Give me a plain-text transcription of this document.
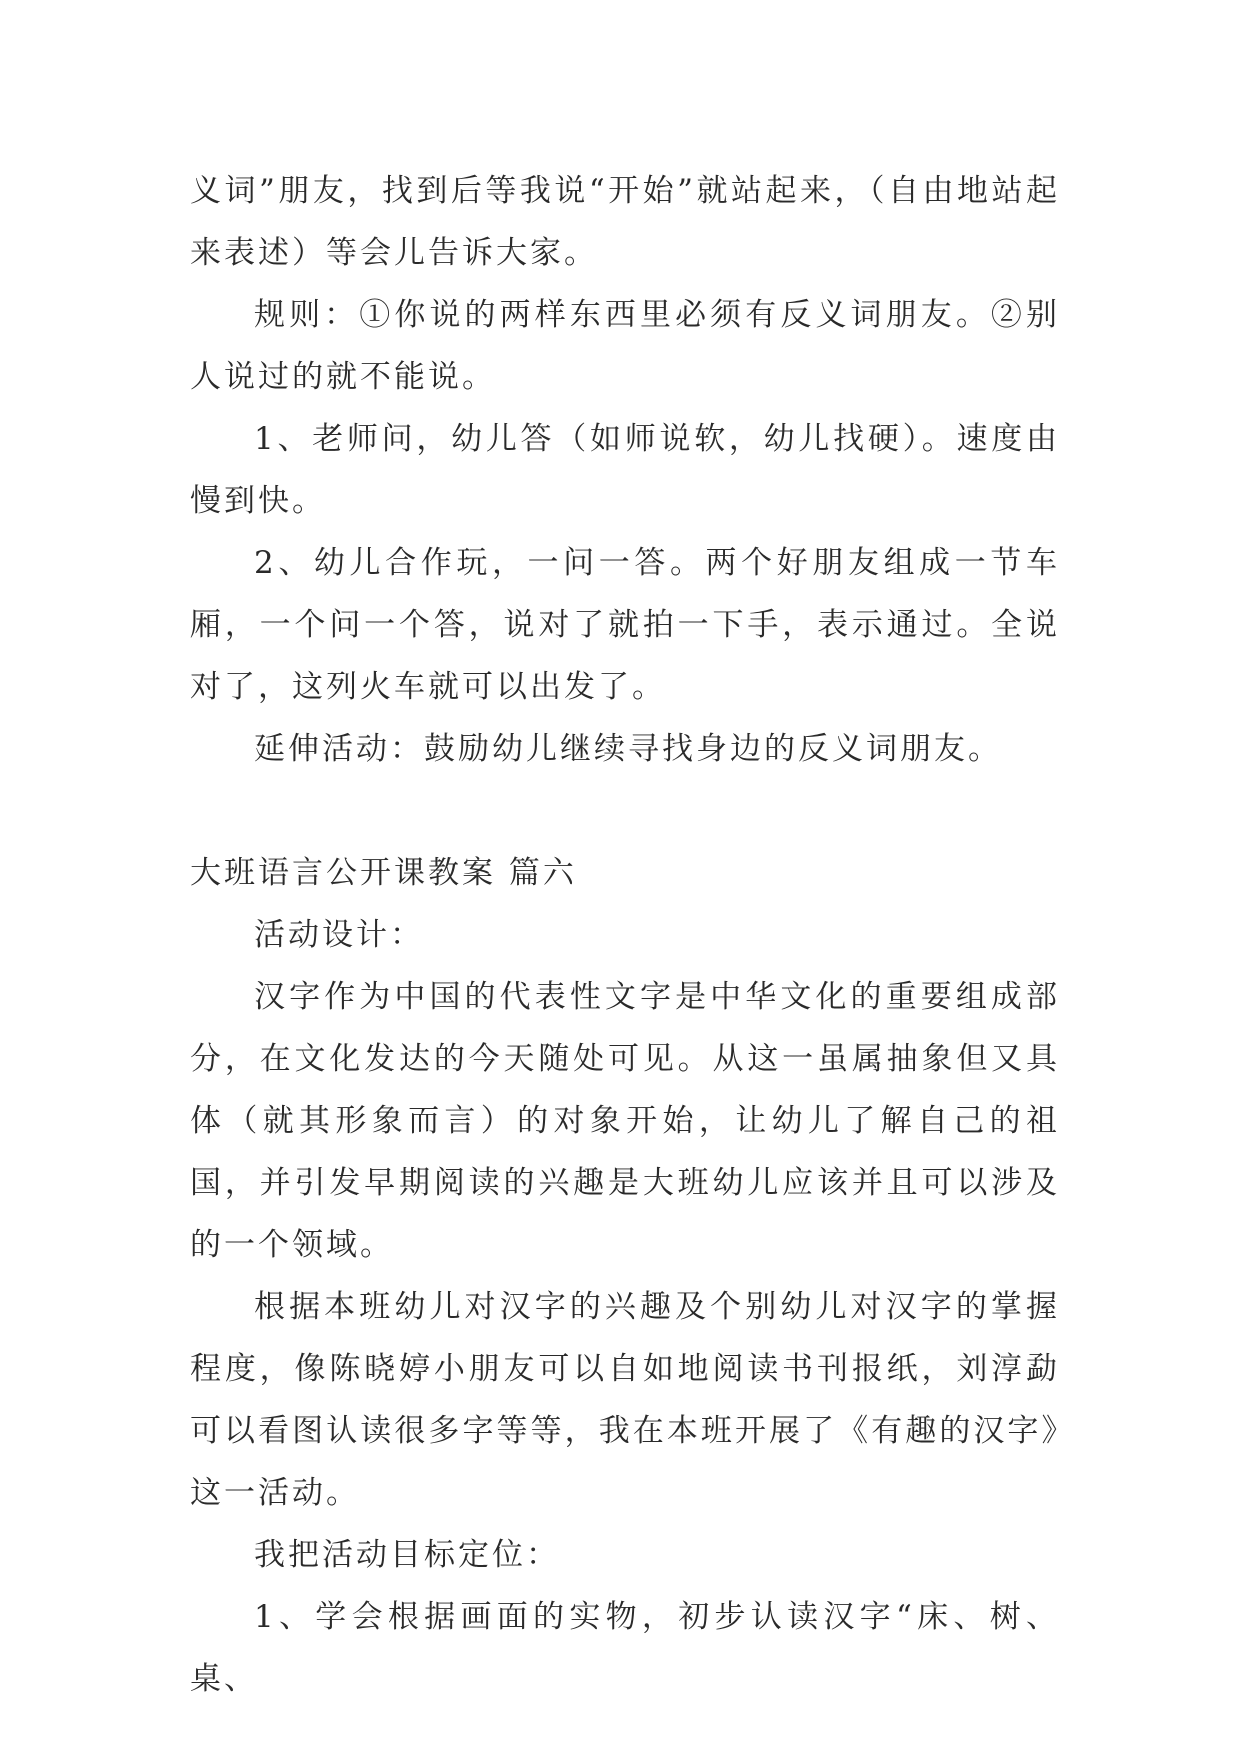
义词”朋友，找到后等我说“开始”就站起来，（自由地站起来表述）等会儿告诉大家。

规则：①你说的两样东西里必须有反义词朋友。②别人说过的就不能说。

1、老师问，幼儿答（如师说软，幼儿找硬）。速度由慢到快。

2、幼儿合作玩，一问一答。两个好朋友组成一节车厢，一个问一个答，说对了就拍一下手，表示通过。全说对了，这列火车就可以出发了。

延伸活动：鼓励幼儿继续寻找身边的反义词朋友。

大班语言公开课教案 篇六

活动设计：

汉字作为中国的代表性文字是中华文化的重要组成部分，在文化发达的今天随处可见。从这一虽属抽象但又具体（就其形象而言）的对象开始，让幼儿了解自己的祖国，并引发早期阅读的兴趣是大班幼儿应该并且可以涉及的一个领域。

根据本班幼儿对汉字的兴趣及个别幼儿对汉字的掌握程度，像陈晓婷小朋友可以自如地阅读书刊报纸，刘淳勐可以看图认读很多字等等，我在本班开展了《有趣的汉字》这一活动。

我把活动目标定位：

1、学会根据画面的实物，初步认读汉字“床、树、桌、
